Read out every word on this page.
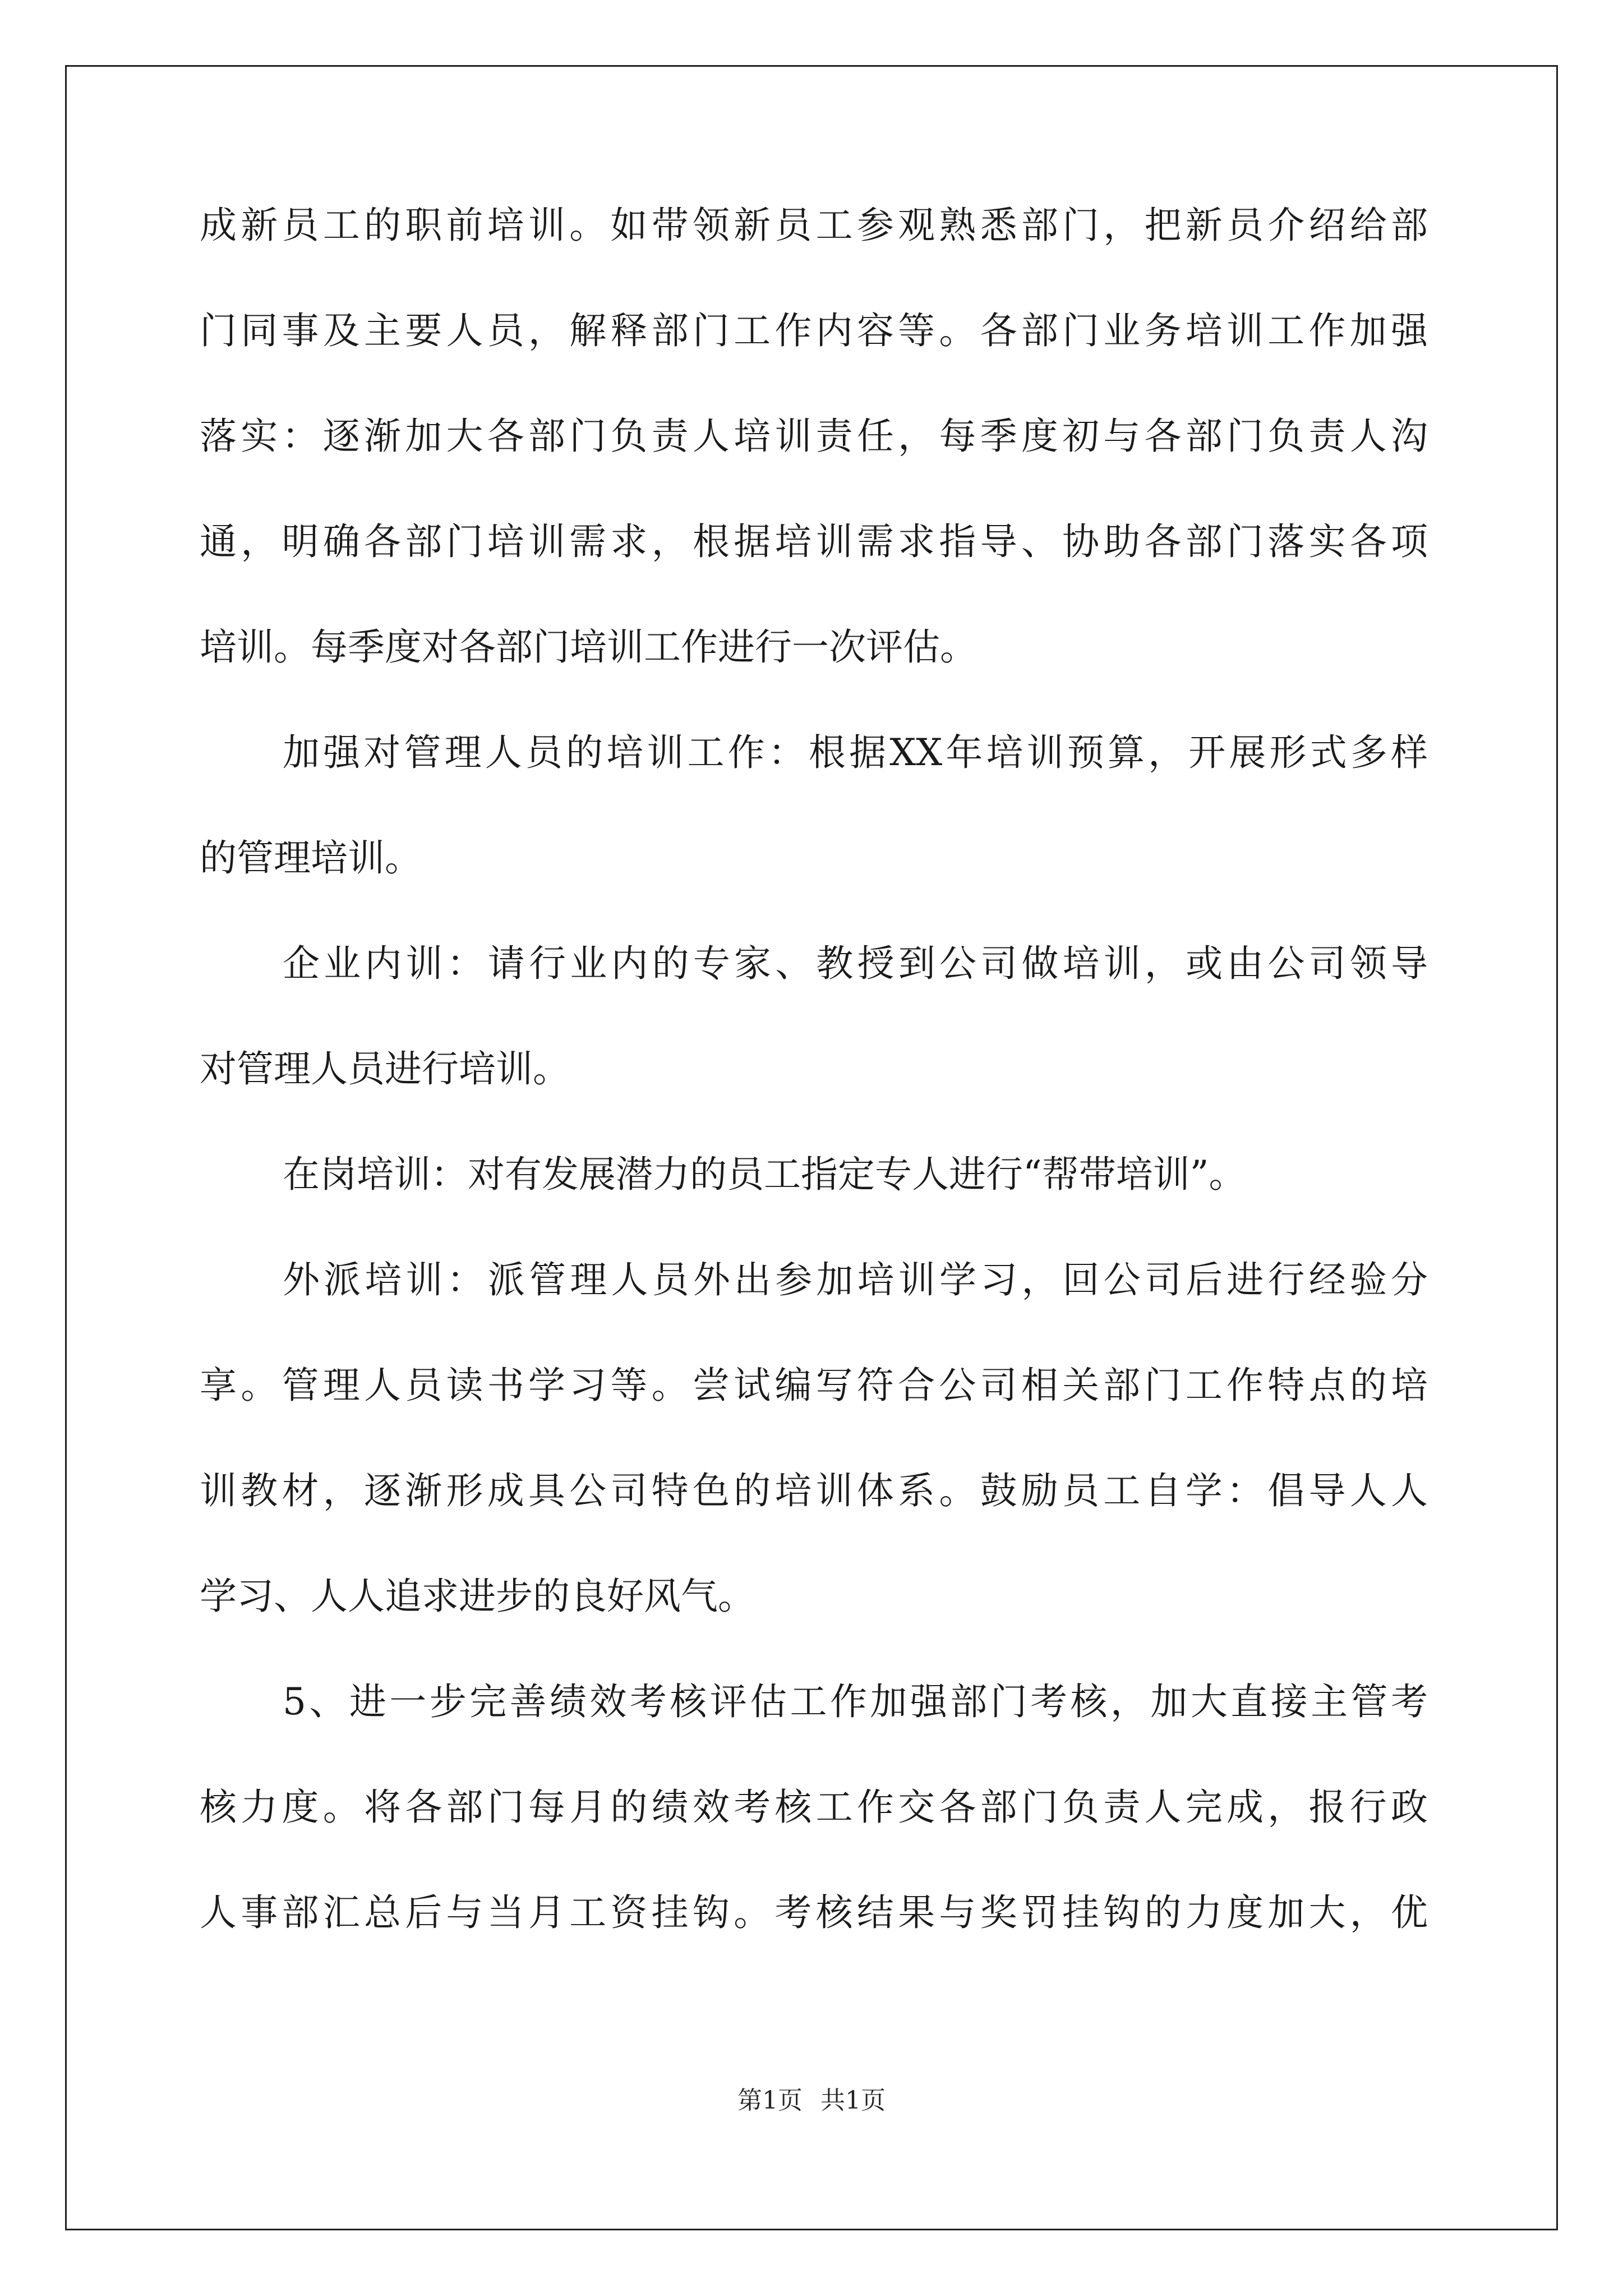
成新员工的职前培训。如带领新员工参观熟悉部门，把新员介绍给部
门同事及主要人员，解释部门工作内容等。各部门业务培训工作加强
落实：逐渐加大各部门负责人培训责任，每季度初与各部门负责人沟
通，明确各部门培训需求，根据培训需求指导、协助各部门落实各项
培训。每季度对各部门培训工作进行一次评估。
加强对管理人员的培训工作：根据XX年培训预算，开展形式多样
的管理培训。
企业内训：请行业内的专家、教授到公司做培训，或由公司领导
对管理人员进行培训。
在岗培训：对有发展潜力的员工指定专人进行“帮带培训”。
外派培训：派管理人员外出参加培训学习，回公司后进行经验分
享。管理人员读书学习等。尝试编写符合公司相关部门工作特点的培
训教材，逐渐形成具公司特色的培训体系。鼓励员工自学：倡导人人
学习、人人追求进步的良好风气。
5、进一步完善绩效考核评估工作加强部门考核，加大直接主管考
核力度。将各部门每月的绩效考核工作交各部门负责人完成，报行政
人事部汇总后与当月工资挂钩。考核结果与奖罚挂钩的力度加大，优
第1页 共1页
